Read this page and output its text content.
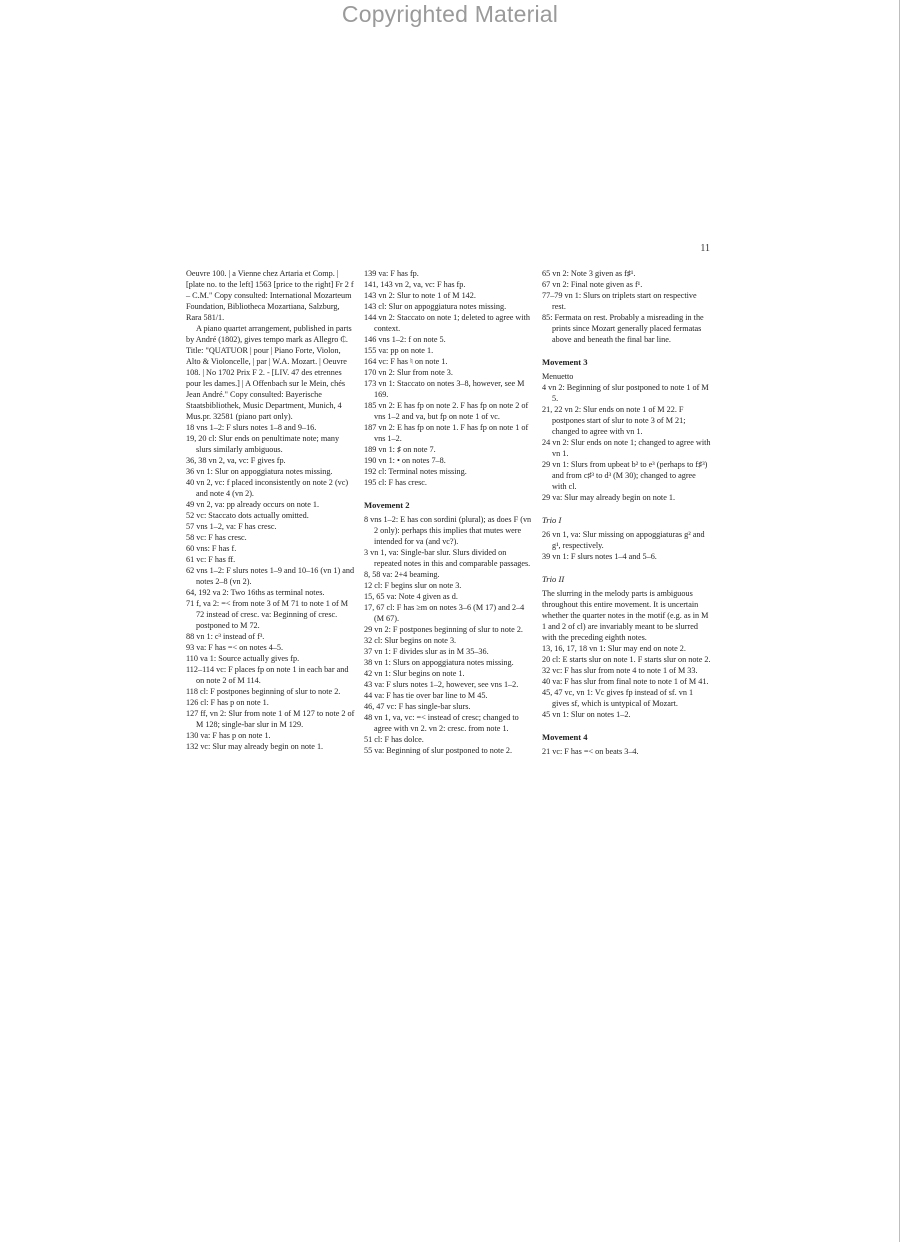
Copyrighted Material
11

Oeuvre 100. | a Vienne chez Artaria et Comp. | [plate no. to the left] 1563 [price to the right] Fr 2 f – C.M." Copy consulted: International Mozarteum Foundation, Bibliotheca Mozartiana, Salzburg, Rara 581/1.

A piano quartet arrangement, published in parts by André (1802), gives tempo mark as Allegro ₵. Title: "QUATUOR | pour | Piano Forte, Violon, Alto & Violoncelle, | par | W.A. Mozart. | Oeuvre 108. | No 1702 Prix F 2. - [LIV. 47 des etrennes pour les dames.] | A Offenbach sur le Mein, chés Jean André." Copy consulted: Bayerische Staatsbibliothek, Music Department, Munich, 4 Mus.pr. 32581 (piano part only).

18 vns 1–2: F slurs notes 1–8 and 9–16.

19, 20 cl: Slur ends on penultimate note; many slurs similarly ambiguous.

36, 38 vn 2, va, vc: F gives fp.

36 vn 1: Slur on appoggiatura notes missing.

40 vn 2, vc: f placed inconsistently on note 2 (vc) and note 4 (vn 2).

49 vn 2, va: pp already occurs on note 1.

52 vc: Staccato dots actually omitted.

57 vns 1–2, va: F has cresc.

58 vc: F has cresc.

60 vns: F has f.

61 vc: F has ff.

62 vns 1–2: F slurs notes 1–9 and 10–16 (vn 1) and notes 2–8 (vn 2).

64, 192 va 2: Two 16ths as terminal notes.

71 f, va 2: =< from note 3 of M 71 to note 1 of M 72 instead of cresc. va: Beginning of cresc. postponed to M 72.

88 vn 1: c³ instead of f³.

93 va: F has =< on notes 4–5.

110 va 1: Source actually gives fp.

112–114 vc: F places fp on note 1 in each bar and on note 2 of M 114.

118 cl: F postpones beginning of slur to note 2.

126 cl: F has p on note 1.

127 ff, vn 2: Slur from note 1 of M 127 to note 2 of M 128; single-bar slur in M 129.

130 va: F has p on note 1.

132 vc: Slur may already begin on note 1.

139 va: F has fp.

141, 143 vn 2, va, vc: F has fp.

143 vn 2: Slur to note 1 of M 142.

143 cl: Slur on appoggiatura notes missing.

144 vn 2: Staccato on note 1; deleted to agree with context.

146 vns 1–2: f on note 5.

155 va: pp on note 1.

164 vc: F has ♮ on note 1.

170 vn 2: Slur from note 3.

173 vn 1: Staccato on notes 3–8, however, see M 169.

185 vn 2: E has fp on note 2. F has fp on note 2 of vns 1–2 and va, but fp on note 1 of vc.

187 vn 2: E has fp on note 1. F has fp on note 1 of vns 1–2.

189 vn 1: ♯ on note 7.

190 vn 1: • on notes 7–8.

192 cl: Terminal notes missing.

195 cl: F has cresc.

Movement 2

8 vns 1–2: E has con sordini (plural); as does F (vn 2 only): perhaps this implies that mutes were intended for va (and vc?).

3 vn 1, va: Single-bar slur. Slurs divided on repeated notes in this and comparable passages.

8, 58 va: 2+4 beaming.

12 cl: F begins slur on note 3.

15, 65 va: Note 4 given as d.

17, 67 cl: F has ≥m on notes 3–6 (M 17) and 2–4 (M 67).

29 vn 2: F postpones beginning of slur to note 2.

32 cl: Slur begins on note 3.

37 vn 1: F divides slur as in M 35–36.

38 vn 1: Slurs on appoggiatura notes missing.

42 vn 1: Slur begins on note 1.

43 va: F slurs notes 1–2, however, see vns 1–2.

44 va: F has tie over bar line to M 45.

46, 47 vc: F has single-bar slurs.

48 vn 1, va, vc: =< instead of cresc; changed to agree with vn 2. vn 2: cresc. from note 1.

51 cl: F has dolce.

55 va: Beginning of slur postponed to note 2.

65 vn 2: Note 3 given as f♯¹.

67 vn 2: Final note given as f¹.

77–79 vn 1: Slurs on triplets start on respective rest.

85: Fermata on rest. Probably a misreading in the prints since Mozart generally placed fermatas above and beneath the final bar line.

Movement 3

Menuetto

4 vn 2: Beginning of slur postponed to note 1 of M 5.

21, 22 vn 2: Slur ends on note 1 of M 22. F postpones start of slur to note 3 of M 21; changed to agree with vn 1.

24 vn 2: Slur ends on note 1; changed to agree with vn 1.

29 vn 1: Slurs from upbeat b² to e³ (perhaps to f♯³) and from c♯³ to d³ (M 30); changed to agree with cl.

29 va: Slur may already begin on note 1.

Trio I

26 vn 1, va: Slur missing on appoggiaturas g² and g¹, respectively.

39 vn 1: F slurs notes 1–4 and 5–6.

Trio II

The slurring in the melody parts is ambiguous throughout this entire movement. It is uncertain whether the quarter notes in the motif (e.g. as in M 1 and 2 of cl) are invariably meant to be slurred with the preceding eighth notes.

13, 16, 17, 18 vn 1: Slur may end on note 2.

20 cl: E starts slur on note 1. F starts slur on note 2.

32 vc: F has slur from note 4 to note 1 of M 33.

40 va: F has slur from final note to note 1 of M 41.

45, 47 vc, vn 1: Vc gives fp instead of sf. vn 1 gives sf, which is untypical of Mozart.

45 vn 1: Slur on notes 1–2.

Movement 4

21 vc: F has =< on beats 3–4.
